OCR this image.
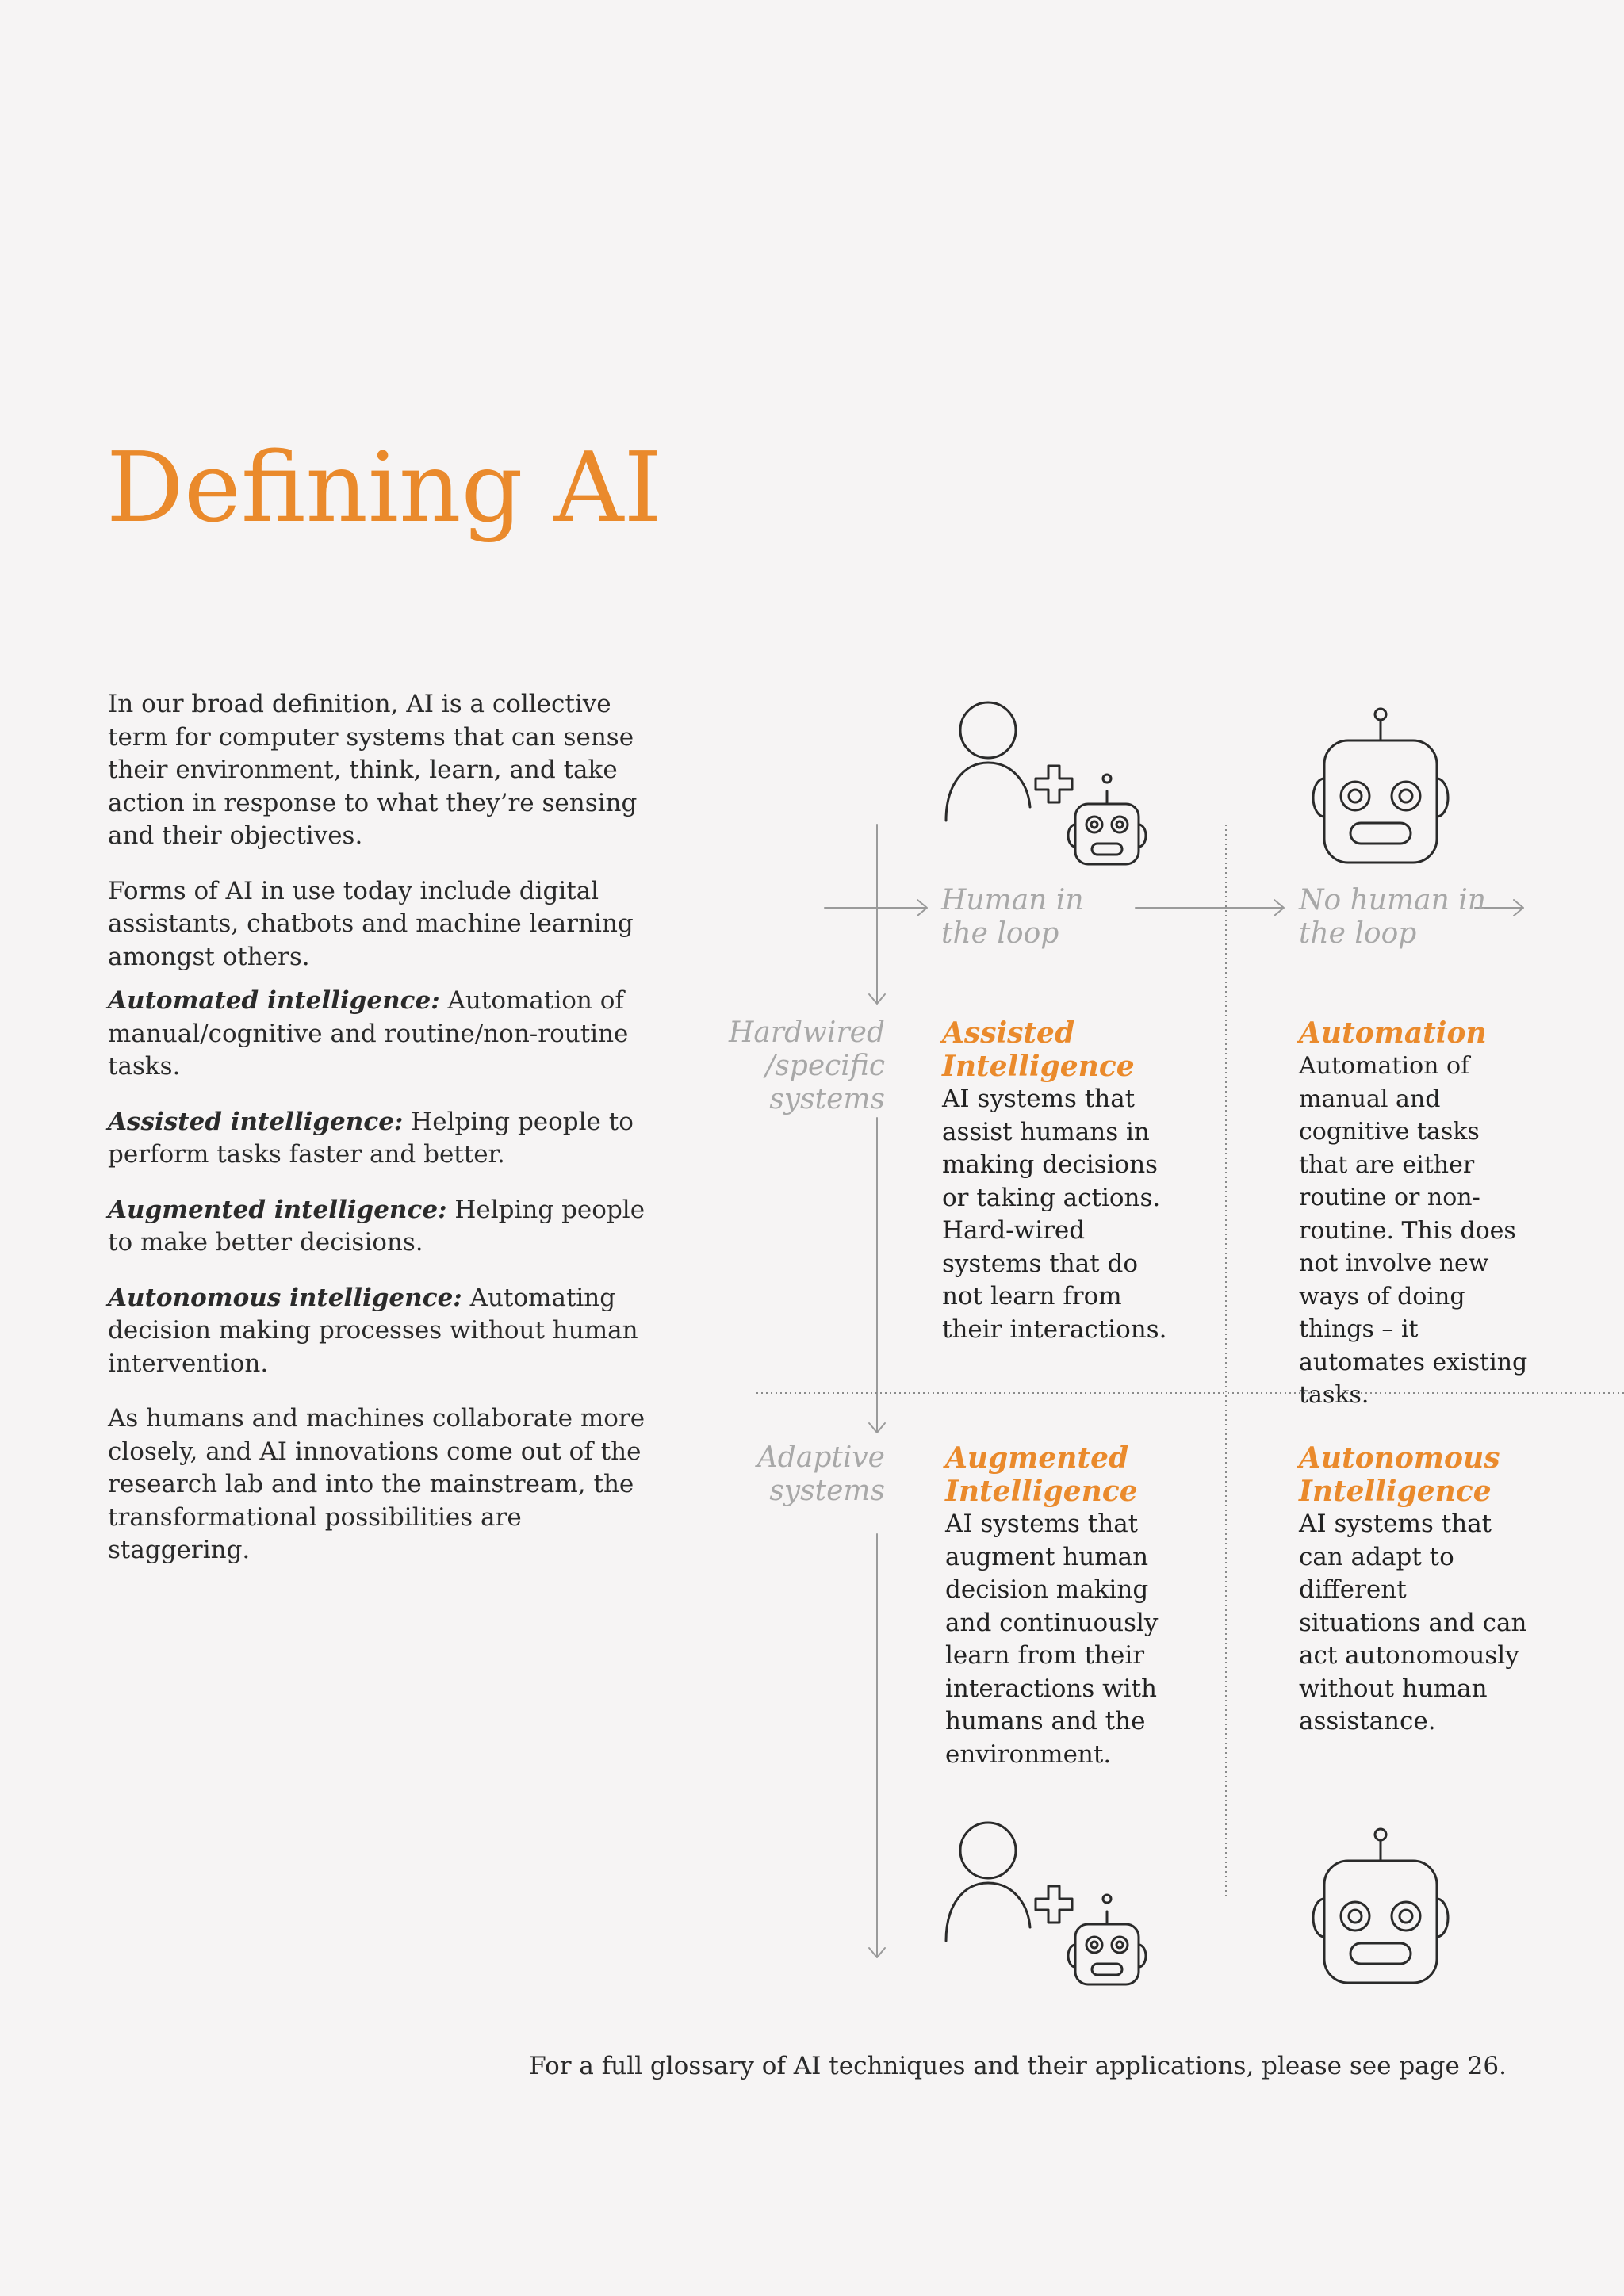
Defining AI

In our broad definition, AI is a collective term for computer systems that can sense their environment, think, learn, and take action in response to what they’re sensing and their objectives.

Forms of AI in use today include digital assistants, chatbots and machine learning amongst others.

Automated intelligence: Automation of manual/cognitive and routine/non-routine tasks.

Assisted intelligence: Helping people to perform tasks faster and better.

Augmented intelligence: Helping people to make better decisions.

Autonomous intelligence: Automating decision making processes without human intervention.

As humans and machines collaborate more closely, and AI innovations come out of the research lab and into the mainstream, the transformational possibilities are staggering.

Human in the loop
No human in the loop
Hardwired /specific systems
Adaptive systems
Assisted Intelligence
AI systems that assist humans in making decisions or taking actions. Hard-wired systems that do not learn from their interactions.
Automation
Automation of manual and cognitive tasks that are either routine or non-routine. This does not involve new ways of doing things – it automates existing tasks.
Augmented Intelligence
AI systems that augment human decision making and continuously learn from their interactions with humans and the environment.
Autonomous Intelligence
AI systems that can adapt to different situations and can act autonomously without human assistance.
For a full glossary of AI techniques and their applications, please see page 26.
